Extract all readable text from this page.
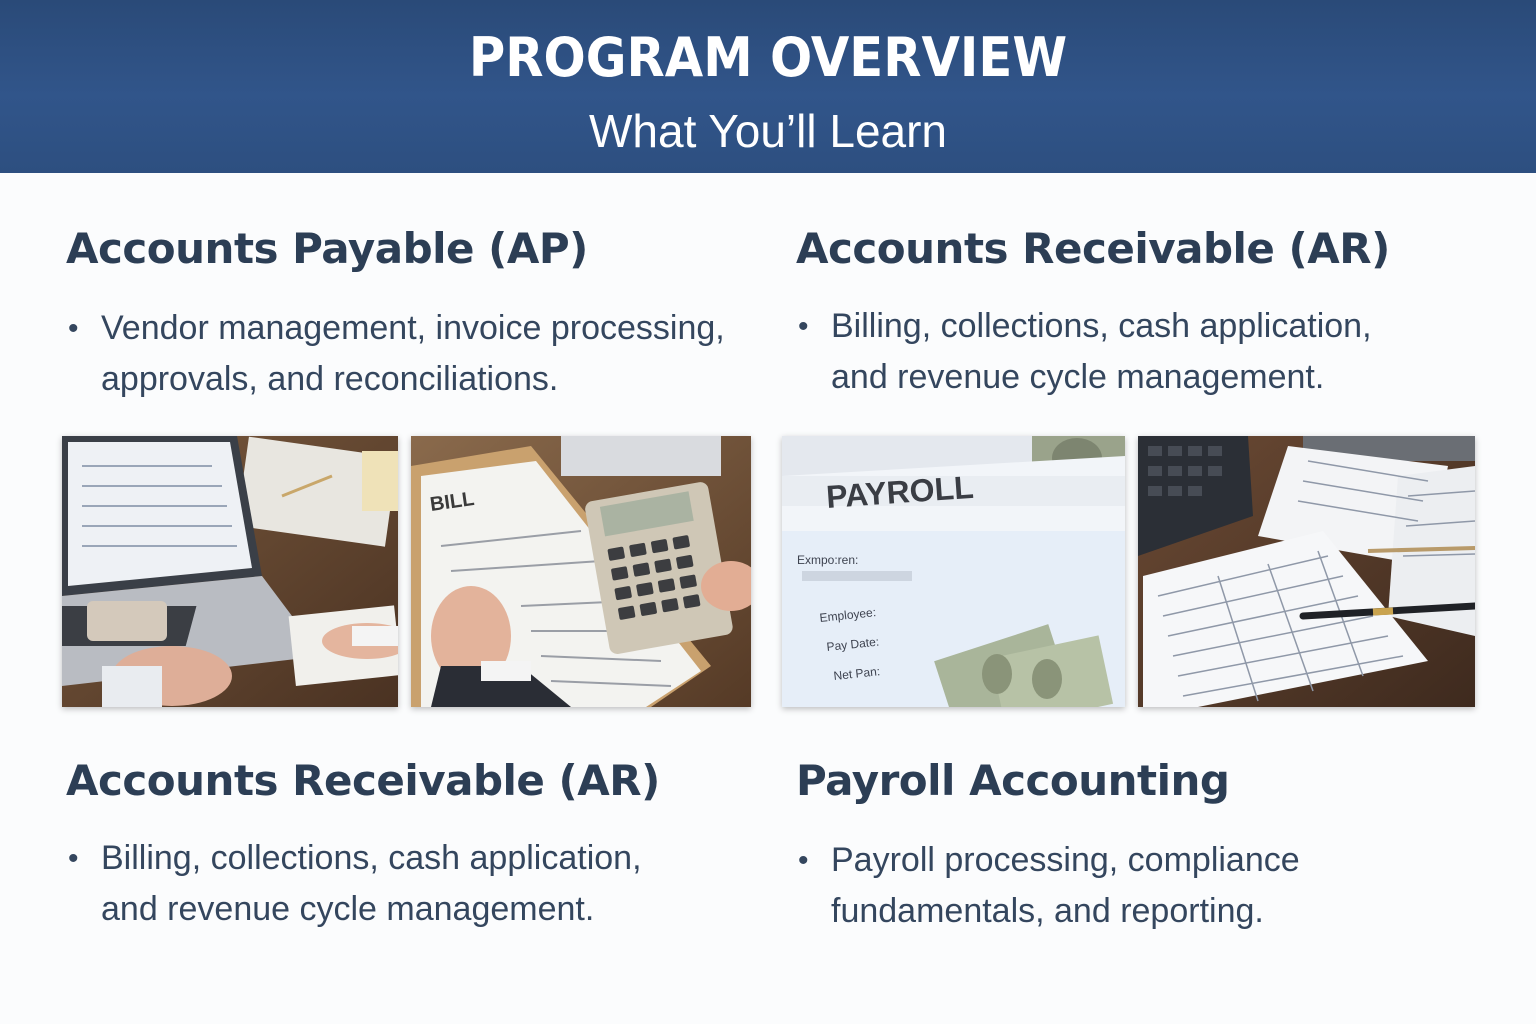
PROGRAM OVERVIEW
What You’ll Learn
Accounts Payable (AP)
• Vendor management, invoice processing,
approvals, and reconciliations.
Accounts Receivable (AR)
• Billing, collections, cash application,
and revenue cycle management.
BILL	PAYROLL
Exmpo:ren:
Employee:
Pay Date:
Net Pan:
Accounts Receivable (AR)
• Billing, collections, cash application,
and revenue cycle management.
Payroll Accounting
• Payroll processing, compliance
fundamentals, and reporting.
